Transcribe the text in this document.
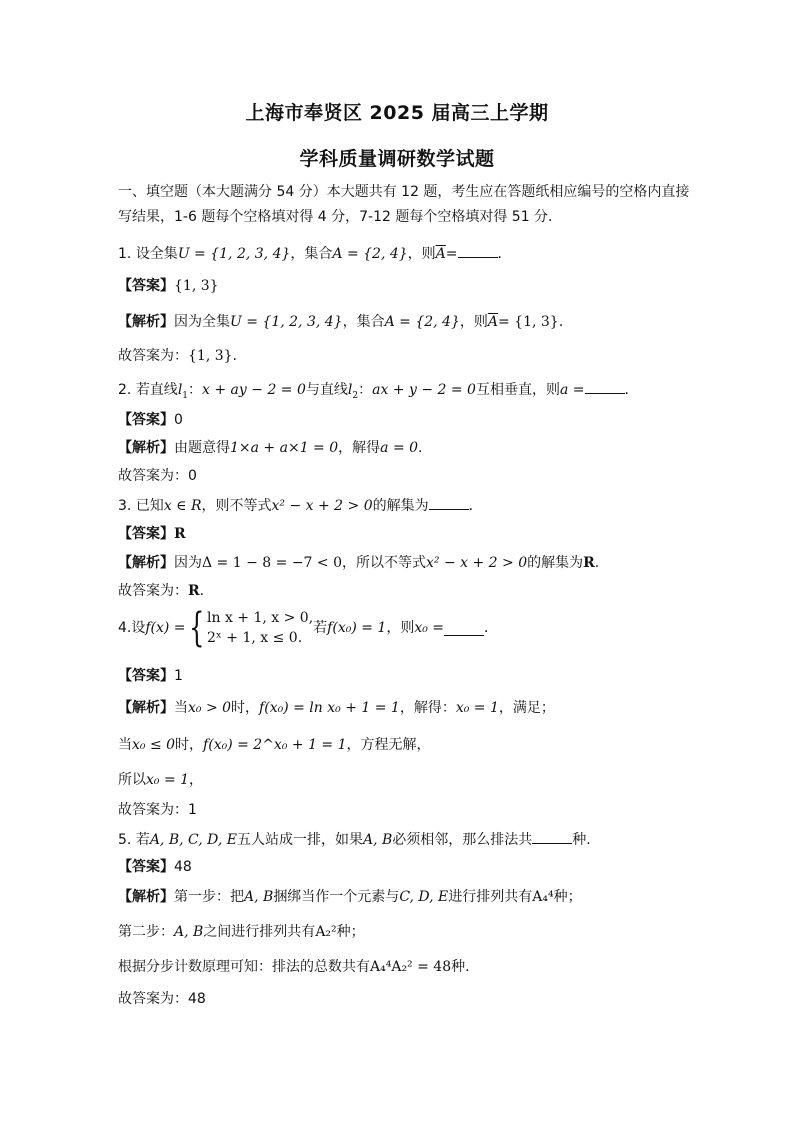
上海市奉贤区 2025 届高三上学期
学科质量调研数学试题
一、填空题（本大题满分 54 分）本大题共有 12 题，考生应在答题纸相应编号的空格内直接
写结果，1-6 题每个空格填对得 4 分，7-12 题每个空格填对得 51 分．
1. 设全集U = {1, 2, 3, 4}，集合A = {2, 4}，则$\overline{A}=$	．
【答案】{1, 3}
【解析】因为全集U = {1, 2, 3, 4}，集合A = {2, 4}，则$\overline{A}= \{1$, 3}.
故答案为：{1, 3}.
2. 若直线$l_1$：x + ay − 2 = 0与直线$l_2$：ax + y − 2 = 0互相垂直，则a =	．
【答案】0
【解析】由题意得1×a + a×1 = 0，解得a = 0.
故答案为：0
3. 已知x ∈ R，则不等式x² − x + 2 > 0的解集为	．
【答案】R
【解析】因为Δ = 1 − 8 = −7 < 0，所以不等式x² − x + 2 > 0的解集为R.
故答案为：R.
4.设f(x) ={ ln x + 1, x > 0,
2ˣ + 1, x ≤ 0.
若f(x₀) = 1，则x₀ =	．
【答案】1
【解析】当x₀ > 0时，f(x₀) = ln x₀ + 1 = 1，解得：x₀ = 1，满足；
当x₀ ≤ 0时，f(x₀) = 2^x₀ + 1 = 1，方程无解，
所以x₀ = 1，
故答案为：1
5. 若A, B, C, D, E五人站成一排，如果A, B必须相邻，那么排法共	种.
【答案】48
【解析】第一步：把A, B捆绑当作一个元素与C, D, E进行排列共有A₄⁴种；
第二步：A, B之间进行排列共有A₂²种；
根据分步计数原理可知：排法的总数共有A₄⁴A₂² = 48种.
故答案为：48
